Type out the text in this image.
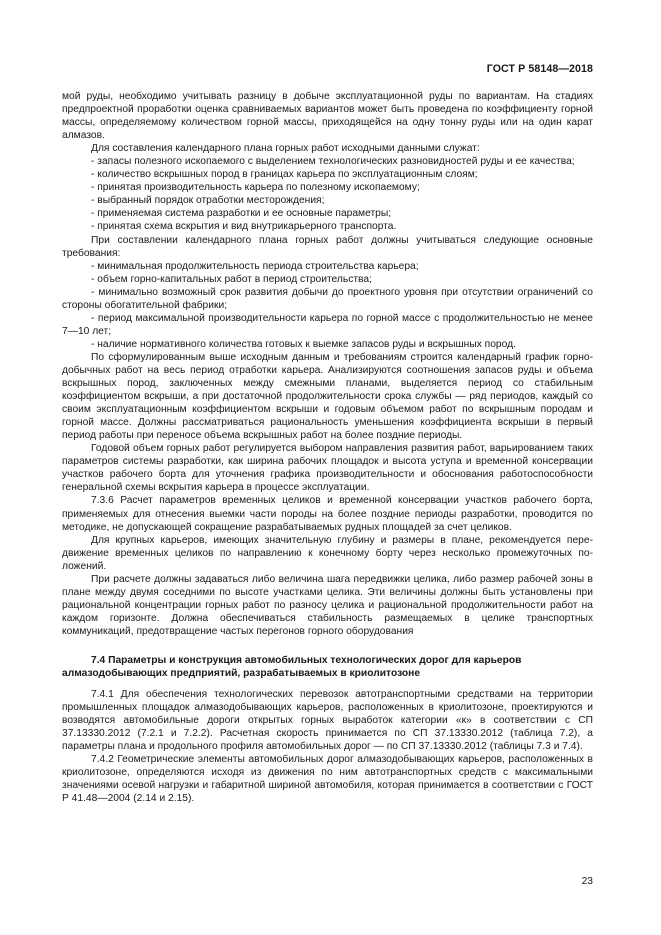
ГОСТ Р 58148—2018

мой руды, необходимо учитывать разницу в добыче эксплуатационной руды по вариантам. На стадиях предпроектной проработки оценка сравниваемых вариантов может быть проведена по коэффициенту горной массы, определяемому количеством горной массы, приходящейся на одну тонну руды или на один карат алмазов.

Для составления календарного плана горных работ исходными данными служат:

- запасы полезного ископаемого с выделением технологических разновидностей руды и ее качества;

- количество вскрышных пород в границах карьера по эксплуатационным слоям;

- принятая производительность карьера по полезному ископаемому;

- выбранный порядок отработки месторождения;

- применяемая система разработки и ее основные параметры;

- принятая схема вскрытия и вид внутрикарьерного транспорта.

При составлении календарного плана горных работ должны учитываться следующие основные требования:

- минимальная продолжительность периода строительства карьера;

- объем горно-капитальных работ в период строительства;

- минимально возможный срок развития добычи до проектного уровня при отсутствии ограничений со стороны обогатительной фабрики;

- период максимальной производительности карьера по горной массе с продолжительностью не менее 7—10 лет;

- наличие нормативного количества готовых к выемке запасов руды и вскрышных пород.

По сформулированным выше исходным данным и требованиям строится календарный график горно-добычных работ на весь период отработки карьера. Анализируются соотношения запасов руды и объема вскрышных пород, заключенных между смежными планами, выделяется период со стабильным коэффициентом вскрыши, а при достаточной продолжительности срока службы — ряд периодов, каждый со своим эксплуатационным коэффициентом вскрыши и годовым объемом работ по вскрышным породам и горной массе. Должны рассматриваться рациональность уменьшения коэффициента вскрыши в первый период работы при переносе объема вскрышных работ на более поздние периоды.

Годовой объем горных работ регулируется выбором направления развития работ, варьированием таких параметров системы разработки, как ширина рабочих площадок и высота уступа и временной консервации участков рабочего борта для уточнения графика производительности и обоснования работоспособности генеральной схемы вскрытия карьера в процессе эксплуатации.

7.3.6 Расчет параметров временных целиков и временной консервации участков рабочего борта, применяемых для отнесения выемки части породы на более поздние периоды разработки, проводится по методике, не допускающей сокращение разрабатываемых рудных площадей за счет целиков.

Для крупных карьеров, имеющих значительную глубину и размеры в плане, рекомендуется передвижение временных целиков по направлению к конечному борту через несколько промежуточных положений.

При расчете должны задаваться либо величина шага передвижки целика, либо размер рабочей зоны в плане между двумя соседними по высоте участками целика. Эти величины должны быть установлены при рациональной концентрации горных работ по разносу целика и рациональной продолжительности работ на каждом горизонте. Должна обеспечиваться стабильность размещаемых в целике транспортных коммуникаций, предотвращение частых перегонов горного оборудования

7.4 Параметры и конструкция автомобильных технологических дорог для карьеров
алмазодобывающих предприятий, разрабатываемых в криолитозоне

7.4.1 Для обеспечения технологических перевозок автотранспортными средствами на территории промышленных площадок алмазодобывающих карьеров, расположенных в криолитозоне, проектируются и возводятся автомобильные дороги открытых горных выработок категории «к» в соответствии с СП 37.13330.2012 (7.2.1 и 7.2.2). Расчетная скорость принимается по СП 37.13330.2012 (таблица 7.2), а параметры плана и продольного профиля автомобильных дорог — по СП 37.13330.2012 (таблицы 7.3 и 7.4).

7.4.2 Геометрические элементы автомобильных дорог алмазодобывающих карьеров, расположенных в криолитозоне, определяются исходя из движения по ним автотранспортных средств с максимальными значениями осевой нагрузки и габаритной шириной автомобиля, которая принимается в соответствии с ГОСТ Р 41.48—2004 (2.14 и 2.15).

23
